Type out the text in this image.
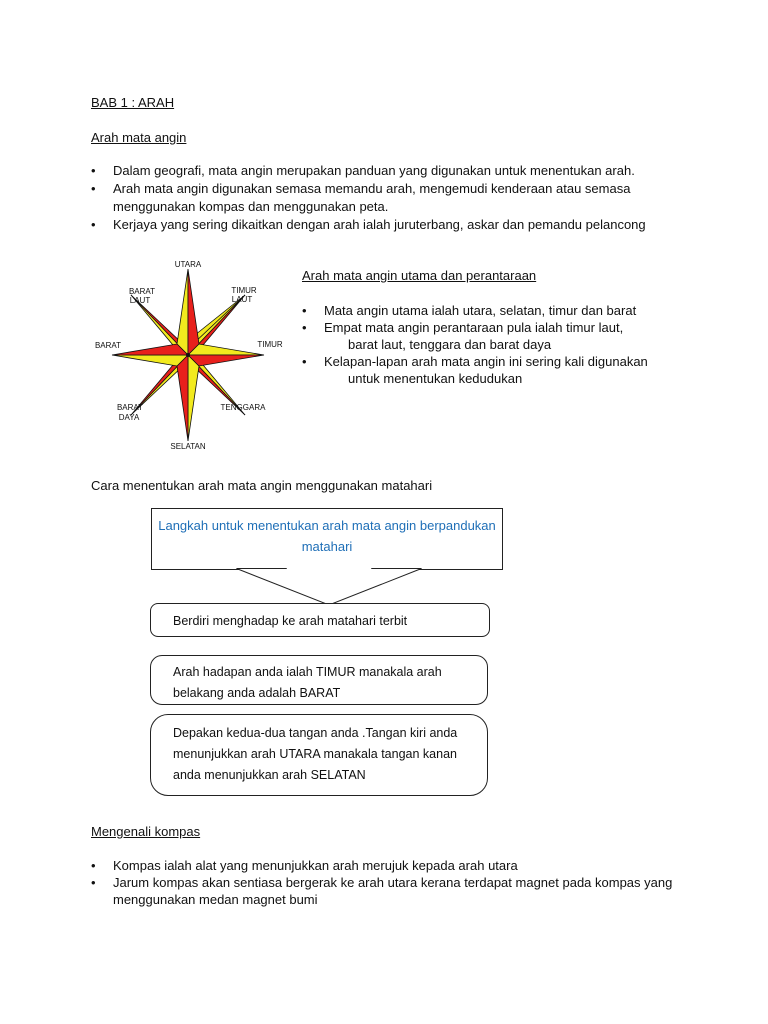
BAB 1 : ARAH
Arah mata angin
• Dalam geografi, mata angin merupakan panduan yang digunakan untuk menentukan arah.
• Arah mata angin digunakan semasa memandu arah, mengemudi kenderaan atau semasa menggunakan kompas dan menggunakan peta.
• Kerjaya yang sering dikaitkan dengan arah ialah juruterbang, askar dan pemandu pelancong
UTARA
SELATAN
TIMUR
BARAT
TIMUR
LAUT
BARAT
LAUT
TENGGARA
BARAT
DAYA
Arah mata angin utama dan perantaraan
• Mata angin utama ialah utara, selatan, timur dan barat
• Empat mata angin perantaraan pula ialah timur laut,
barat laut, tenggara dan barat daya
• Kelapan-lapan arah mata angin ini sering kali digunakan
untuk menentukan kedudukan
Cara menentukan arah mata angin menggunakan matahari
Langkah untuk menentukan arah mata angin berpandukan matahari
Berdiri menghadap ke arah matahari terbit
Arah hadapan anda ialah TIMUR manakala arah belakang anda adalah BARAT
Depakan kedua-dua tangan anda .Tangan kiri anda menunjukkan arah UTARA manakala tangan kanan anda menunjukkan arah SELATAN
Mengenali kompas
• Kompas ialah alat yang menunjukkan arah merujuk kepada arah utara
• Jarum kompas akan sentiasa bergerak ke arah utara kerana terdapat magnet pada kompas yang menggunakan medan magnet bumi
